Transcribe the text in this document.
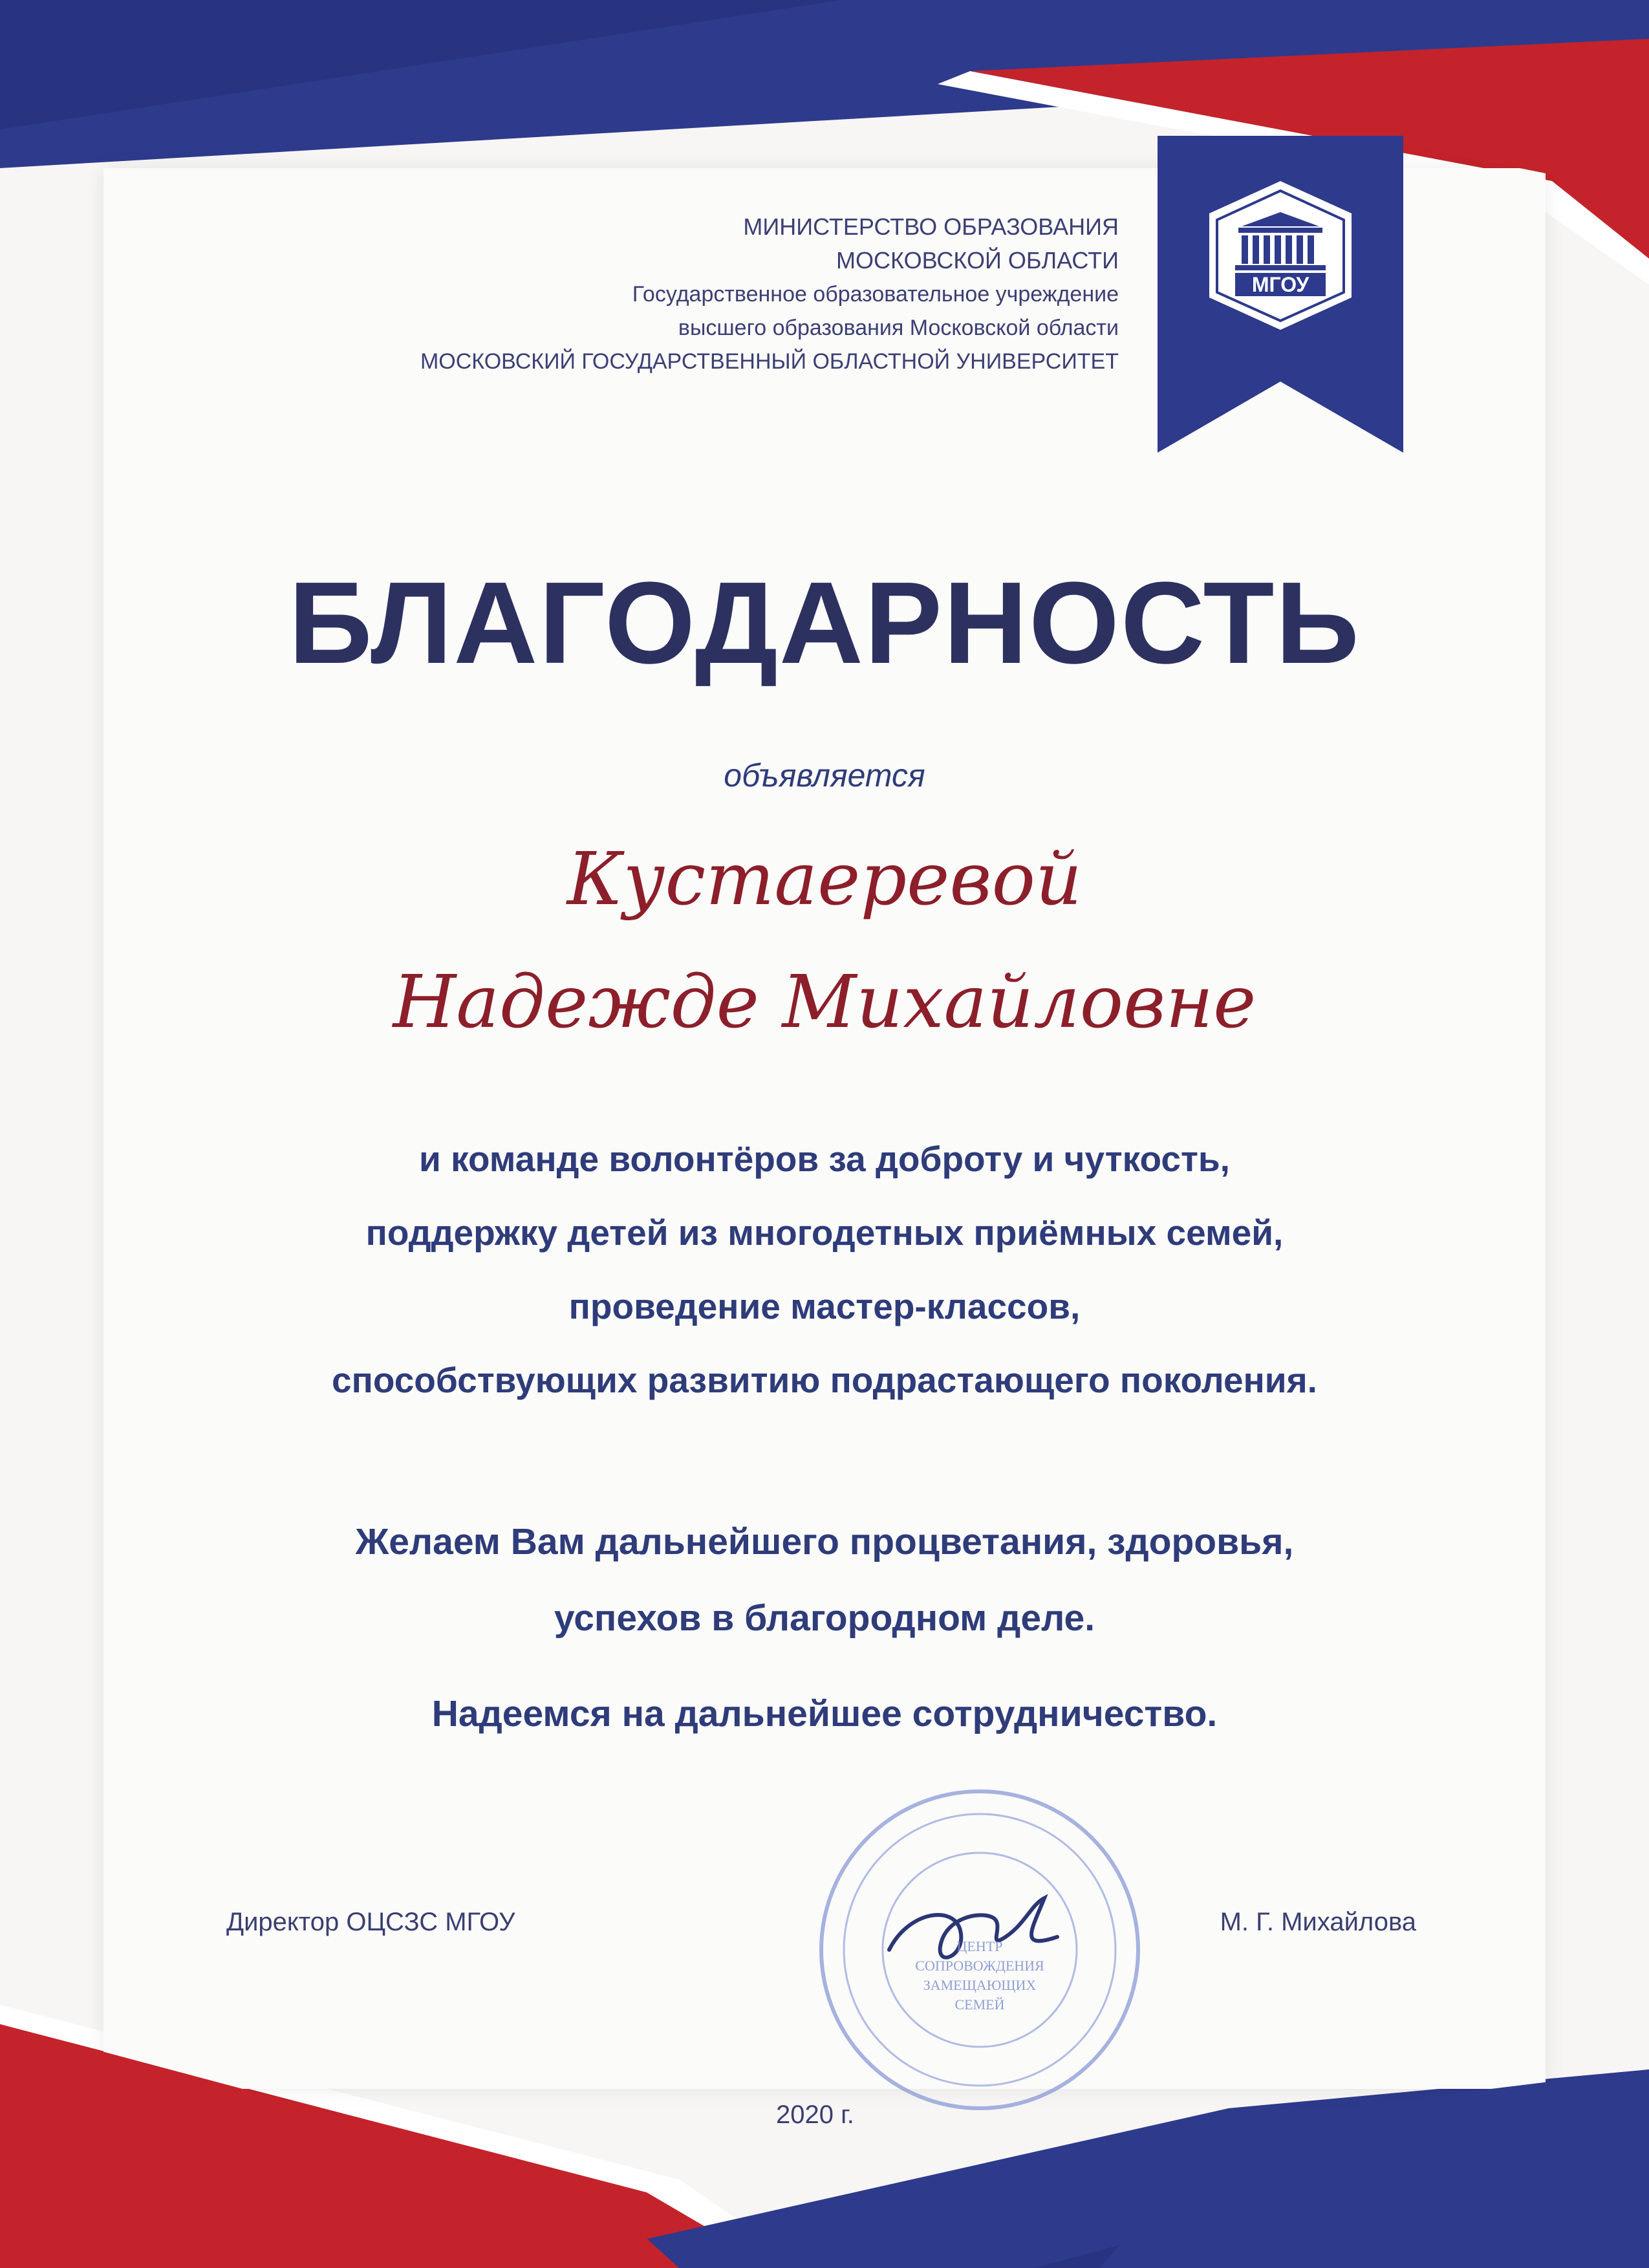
МИНИСТЕРСТВО ОБРАЗОВАНИЯ
МОСКОВСКОЙ ОБЛАСТИ
Государственное образовательное учреждение
высшего образования Московской области
МОСКОВСКИЙ ГОСУДАРСТВЕННЫЙ ОБЛАСТНОЙ УНИВЕРСИТЕТ
МГОУ
БЛАГОДАРНОСТЬ
объявляется
Кустаеревой
Надежде Михайловне
и команде волонтёров за доброту и чуткость,
поддержку детей из многодетных приёмных семей,
проведение мастер-классов,
способствующих развитию подрастающего поколения.
Желаем Вам дальнейшего процветания, здоровья,
успехов в благородном деле.
Надеемся на дальнейшее сотрудничество.
Директор ОЦСЗС МГОУ	М. Г. Михайлова
ЦЕНТР
СОПРОВОЖДЕНИЯ
ЗАМЕЩАЮЩИХ
СЕМЕЙ
2020 г.
